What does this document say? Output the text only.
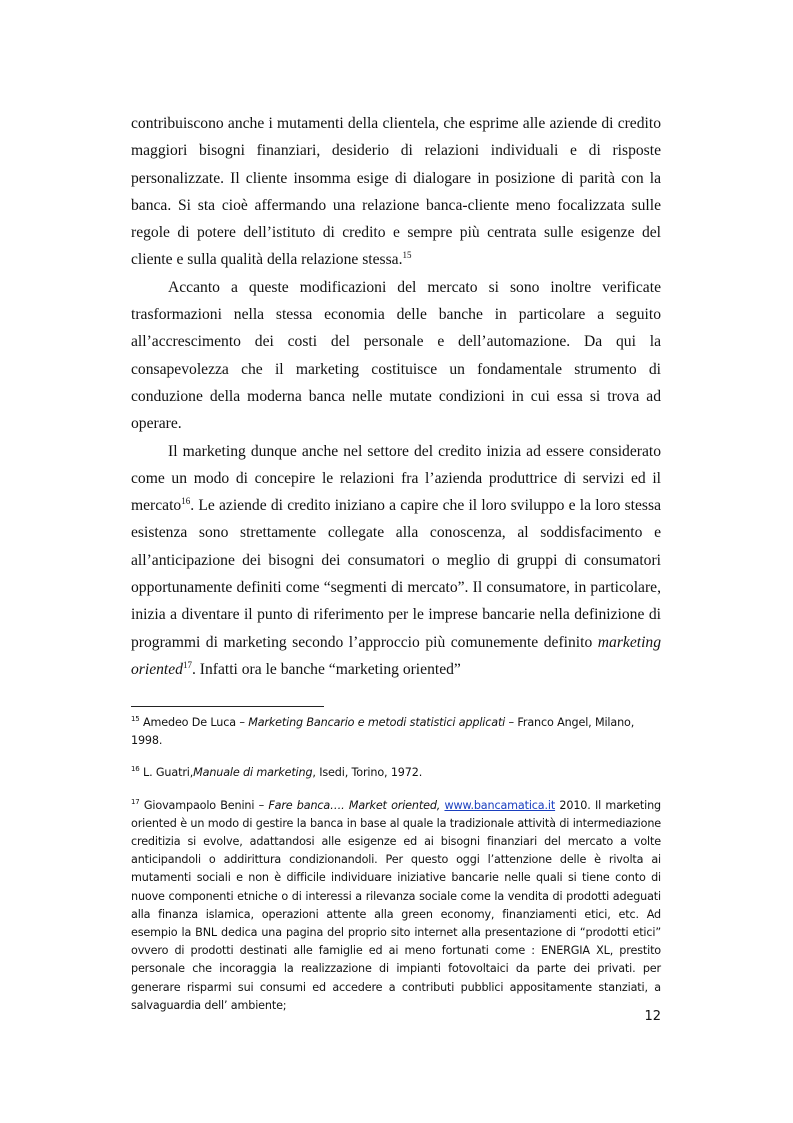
contribuiscono anche i mutamenti della clientela, che esprime alle aziende di credito maggiori bisogni finanziari, desiderio di relazioni individuali e di risposte personalizzate. Il cliente insomma esige di dialogare in posizione di parità con la banca. Si sta cioè affermando una relazione banca-cliente meno focalizzata sulle regole di potere dell’istituto di credito e sempre più centrata sulle esigenze del cliente e sulla qualità della relazione stessa.$^{15}$

Accanto a queste modificazioni del mercato si sono inoltre verificate trasformazioni nella stessa economia delle banche in particolare a seguito all’accrescimento dei costi del personale e dell’automazione. Da qui la consapevolezza che il marketing costituisce un fondamentale strumento di conduzione della moderna banca nelle mutate condizioni in cui essa si trova ad operare.

Il marketing dunque anche nel settore del credito inizia ad essere considerato come un modo di concepire le relazioni fra l’azienda produttrice di servizi ed il mercato$^{16}$. Le aziende di credito iniziano a capire che il loro sviluppo e la loro stessa esistenza sono strettamente collegate alla conoscenza, al soddisfacimento e all’anticipazione dei bisogni dei consumatori o meglio di gruppi di consumatori opportunamente definiti come “segmenti di mercato”. Il consumatore, in particolare, inizia a diventare il punto di riferimento per le imprese bancarie nella definizione di programmi di marketing secondo l’approccio più comunemente definito marketing oriented$^{17}$. Infatti ora le banche “marketing oriented”

$^{15}$ Amedeo De Luca – Marketing Bancario e metodi statistici applicati – Franco Angel, Milano, 1998.

$^{16}$ L. Guatri,Manuale di marketing, Isedi, Torino, 1972.

$^{17}$ Giovampaolo Benini – Fare banca…. Market oriented, www.bancamatica.it 2010. Il marketing oriented è un modo di gestire la banca in base al quale la tradizionale attività di intermediazione creditizia si evolve, adattandosi alle esigenze ed ai bisogni finanziari del mercato a volte anticipandoli o addirittura condizionandoli. Per questo oggi l’attenzione delle è rivolta ai mutamenti sociali e non è difficile individuare iniziative bancarie nelle quali si tiene conto di nuove componenti etniche o di interessi a rilevanza sociale come la vendita di prodotti adeguati alla finanza islamica, operazioni attente alla green economy, finanziamenti etici, etc. Ad esempio la BNL dedica una pagina del proprio sito internet alla presentazione di “prodotti etici” ovvero di prodotti destinati alle famiglie ed ai meno fortunati come : ENERGIA XL, prestito personale che incoraggia la realizzazione di impianti fotovoltaici da parte dei privati. per generare risparmi sui consumi ed accedere a contributi pubblici appositamente stanziati, a salvaguardia dell’ ambiente;

12
